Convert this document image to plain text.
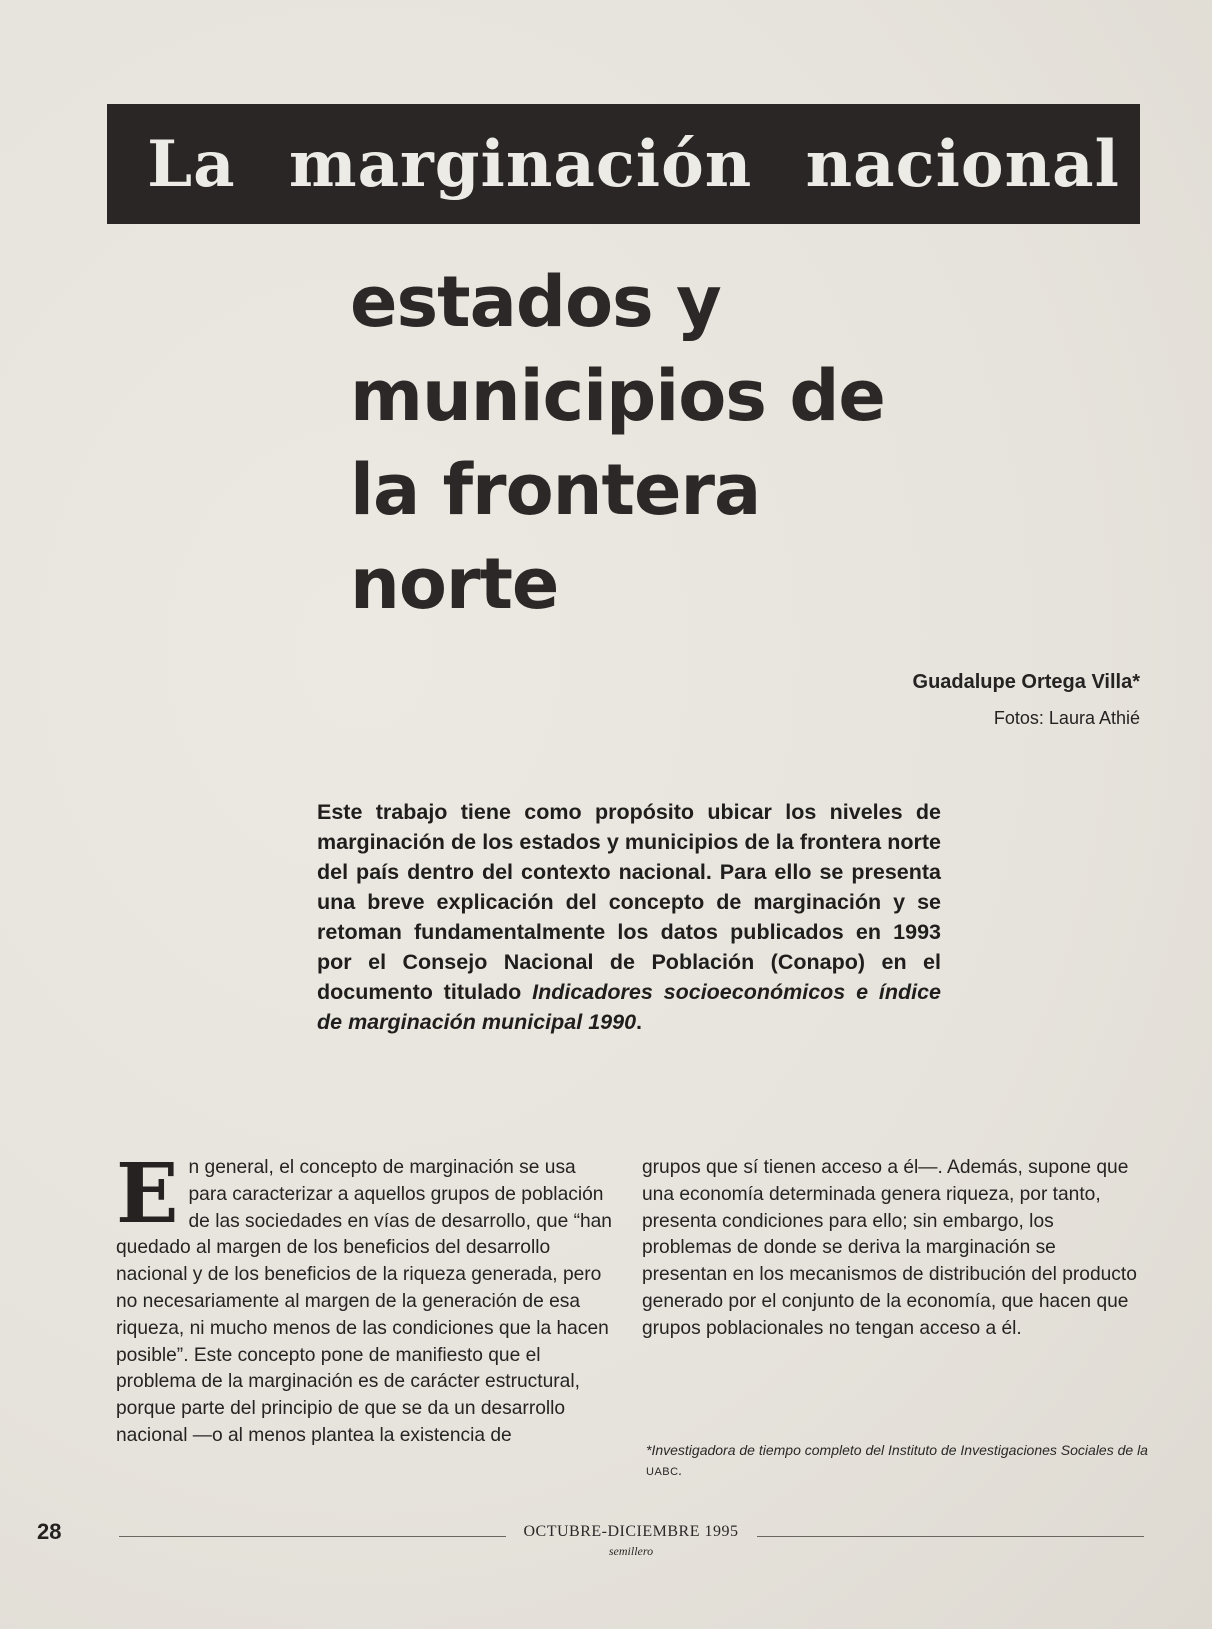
La marginación nacional
estados y
municipios de
la frontera
norte
Guadalupe Ortega Villa*
Fotos: Laura Athié
Este trabajo tiene como propósito ubicar los niveles de marginación de los estados y municipios de la frontera norte del país dentro del contexto nacional. Para ello se presenta una breve explicación del concepto de marginación y se retoman fundamentalmente los datos publicados en 1993 por el Consejo Nacional de Población (Conapo) en el documento titulado Indicadores socioeconómicos e índice de marginación municipal 1990.
En general, el concepto de marginación se usa para caracterizar a aquellos grupos de población de las sociedades en vías de desarrollo, que “han quedado al margen de los beneficios del desarrollo nacional y de los beneficios de la riqueza generada, pero no necesariamente al margen de la generación de esa riqueza, ni mucho menos de las condiciones que la hacen posible”. Este concepto pone de manifiesto que el problema de la marginación es de carácter estructural, porque parte del principio de que se da un desarrollo nacional —o al menos plantea la existencia de
grupos que sí tienen acceso a él—. Además, supone que una economía determinada genera riqueza, por tanto, presenta condiciones para ello; sin embargo, los problemas de donde se deriva la marginación se presentan en los mecanismos de distribución del producto generado por el conjunto de la economía, que hacen que grupos poblacionales no tengan acceso a él.
*Investigadora de tiempo completo del Instituto de Investigaciones Sociales de la UABC.
28	OCTUBRE-DICIEMBRE 1995
semillero
